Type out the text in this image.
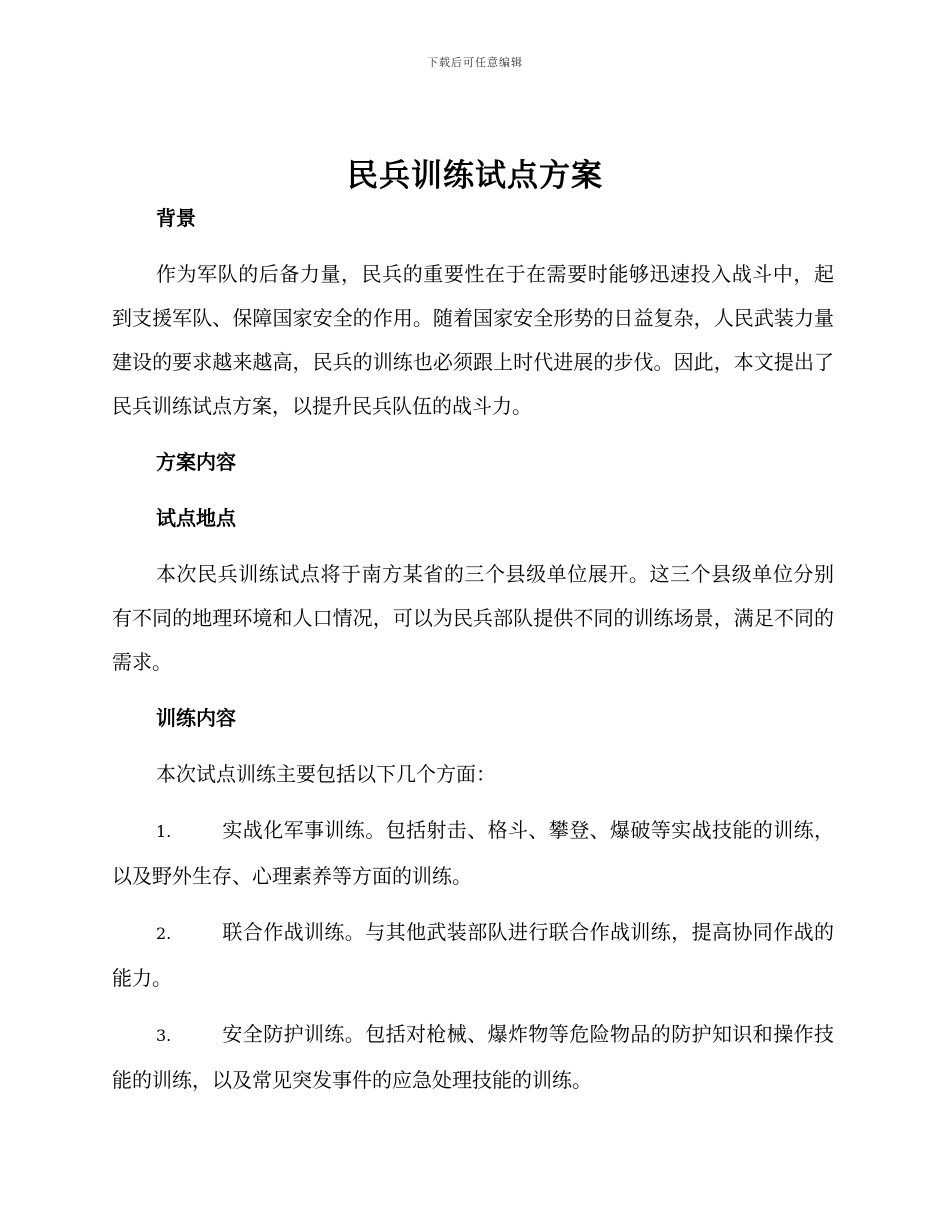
下载后可任意编辑
民兵训练试点方案

背景

作为军队的后备力量，民兵的重要性在于在需要时能够迅速投入战斗中，起到支援军队、保障国家安全的作用。随着国家安全形势的日益复杂，人民武装力量建设的要求越来越高，民兵的训练也必须跟上时代进展的步伐。因此，本文提出了民兵训练试点方案，以提升民兵队伍的战斗力。

方案内容

试点地点

本次民兵训练试点将于南方某省的三个县级单位展开。这三个县级单位分别有不同的地理环境和人口情况，可以为民兵部队提供不同的训练场景，满足不同的需求。

训练内容

本次试点训练主要包括以下几个方面：

1.	实战化军事训练。包括射击、格斗、攀登、爆破等实战技能的训练，以及野外生存、心理素养等方面的训练。

2.	联合作战训练。与其他武装部队进行联合作战训练，提高协同作战的能力。

3.	安全防护训练。包括对枪械、爆炸物等危险物品的防护知识和操作技能的训练，以及常见突发事件的应急处理技能的训练。
